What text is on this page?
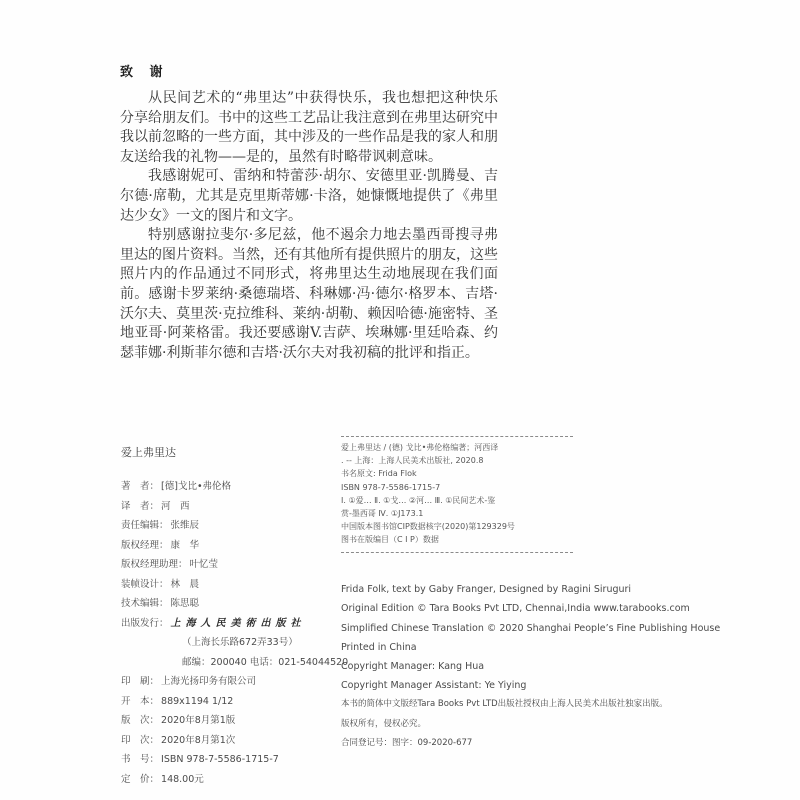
致 谢

从民间艺术的“弗里达”中获得快乐，我也想把这种快乐分享给朋友们。书中的这些工艺品让我注意到在弗里达研究中我以前忽略的一些方面，其中涉及的一些作品是我的家人和朋友送给我的礼物——是的，虽然有时略带讽刺意味。

我感谢妮可、雷纳和特蕾莎·胡尔、安德里亚·凯腾曼、吉尔德·席勒，尤其是克里斯蒂娜·卡洛，她慷慨地提供了《弗里达少女》一文的图片和文字。

特别感谢拉斐尔·多尼兹，他不遏余力地去墨西哥搜寻弗里达的图片资料。当然，还有其他所有提供照片的朋友，这些照片内的作品通过不同形式，将弗里达生动地展现在我们面前。感谢卡罗莱纳·桑德瑞塔、科琳娜·冯·德尔·格罗本、吉塔·沃尔夫、莫里茨·克拉维科、莱纳·胡勒、赖因哈德·施密特、圣地亚哥·阿莱格雷。我还要感谢V.吉萨、埃琳娜·里廷哈森、约瑟菲娜·利斯菲尔德和吉塔·沃尔夫对我初稿的批评和指正。

爱上弗里达
著　者 ： [德]戈比•弗伦格
译　者 ： 河　西
责任编辑 ： 张维辰
版权经理 ： 康　华
版权经理助理 ： 叶忆莹
装帧设计 ： 林　晨
技术编辑 ： 陈思聪
出版发行 ： 上海人民美術出版社
（上海长乐路672弄33号）
邮编：200040 电话：021-54044520
印　刷 ： 上海光扬印务有限公司
开　本 ： 889x1194 1/12
版　次 ： 2020年8月第1版
印　次 ： 2020年8月第1次
书　号 ： ISBN 978-7-5586-1715-7
定　价 ： 148.00元
爱上弗里达 / (德) 戈比•弗伦格编著；河西译
. -- 上海：上海人民美术出版社, 2020.8
书名原文: Frida Flok
ISBN 978-7-5586-1715-7
Ⅰ. ①爱… Ⅱ. ①戈… ②河… Ⅲ. ①民间艺术-鉴
赏-墨西哥 Ⅳ. ①J173.1
中国版本图书馆CIP数据核字(2020)第129329号
图书在版编目（C I P）数据
Frida Folk, text by Gaby Franger, Designed by Ragini Siruguri
Original Edition © Tara Books Pvt LTD, Chennai,India www.tarabooks.com
Simplified Chinese Translation © 2020 Shanghai People’s Fine Publishing House
Printed in China
Copyright Manager: Kang Hua
Copyright Manager Assistant: Ye Yiying
本书的简体中文版经Tara Books Pvt LTD出版社授权由上海人民美术出版社独家出版。
版权所有，侵权必究。
合同登记号：图字：09-2020-677
